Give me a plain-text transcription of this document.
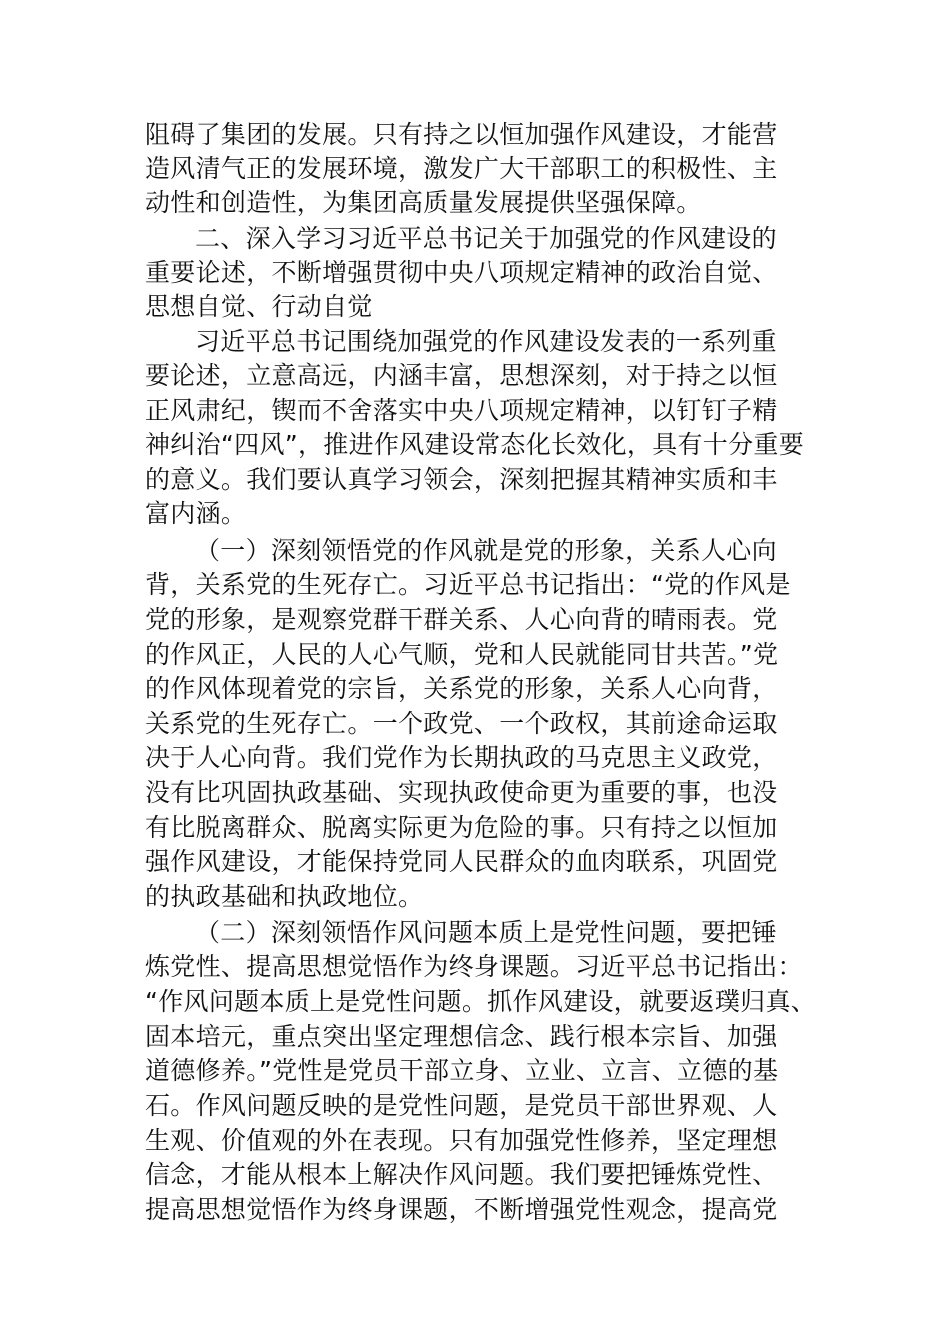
阻碍了集团的发展。只有持之以恒加强作风建设，才能营
造风清气正的发展环境，激发广大干部职工的积极性、主
动性和创造性，为集团高质量发展提供坚强保障。
二、深入学习习近平总书记关于加强党的作风建设的
重要论述，不断增强贯彻中央八项规定精神的政治自觉、
思想自觉、行动自觉
习近平总书记围绕加强党的作风建设发表的一系列重
要论述，立意高远，内涵丰富，思想深刻，对于持之以恒
正风肃纪，锲而不舍落实中央八项规定精神，以钉钉子精
神纠治“四风”，推进作风建设常态化长效化，具有十分重要
的意义。我们要认真学习领会，深刻把握其精神实质和丰
富内涵。
（一）深刻领悟党的作风就是党的形象，关系人心向
背，关系党的生死存亡。习近平总书记指出：“党的作风是
党的形象，是观察党群干群关系、人心向背的晴雨表。党
的作风正，人民的人心气顺，党和人民就能同甘共苦。”党
的作风体现着党的宗旨，关系党的形象，关系人心向背，
关系党的生死存亡。一个政党、一个政权，其前途命运取
决于人心向背。我们党作为长期执政的马克思主义政党，
没有比巩固执政基础、实现执政使命更为重要的事，也没
有比脱离群众、脱离实际更为危险的事。只有持之以恒加
强作风建设，才能保持党同人民群众的血肉联系，巩固党
的执政基础和执政地位。
（二）深刻领悟作风问题本质上是党性问题，要把锤
炼党性、提高思想觉悟作为终身课题。习近平总书记指出：
“作风问题本质上是党性问题。抓作风建设，就要返璞归真、
固本培元，重点突出坚定理想信念、践行根本宗旨、加强
道德修养。”党性是党员干部立身、立业、立言、立德的基
石。作风问题反映的是党性问题，是党员干部世界观、人
生观、价值观的外在表现。只有加强党性修养，坚定理想
信念，才能从根本上解决作风问题。我们要把锤炼党性、
提高思想觉悟作为终身课题，不断增强党性观念，提高党
